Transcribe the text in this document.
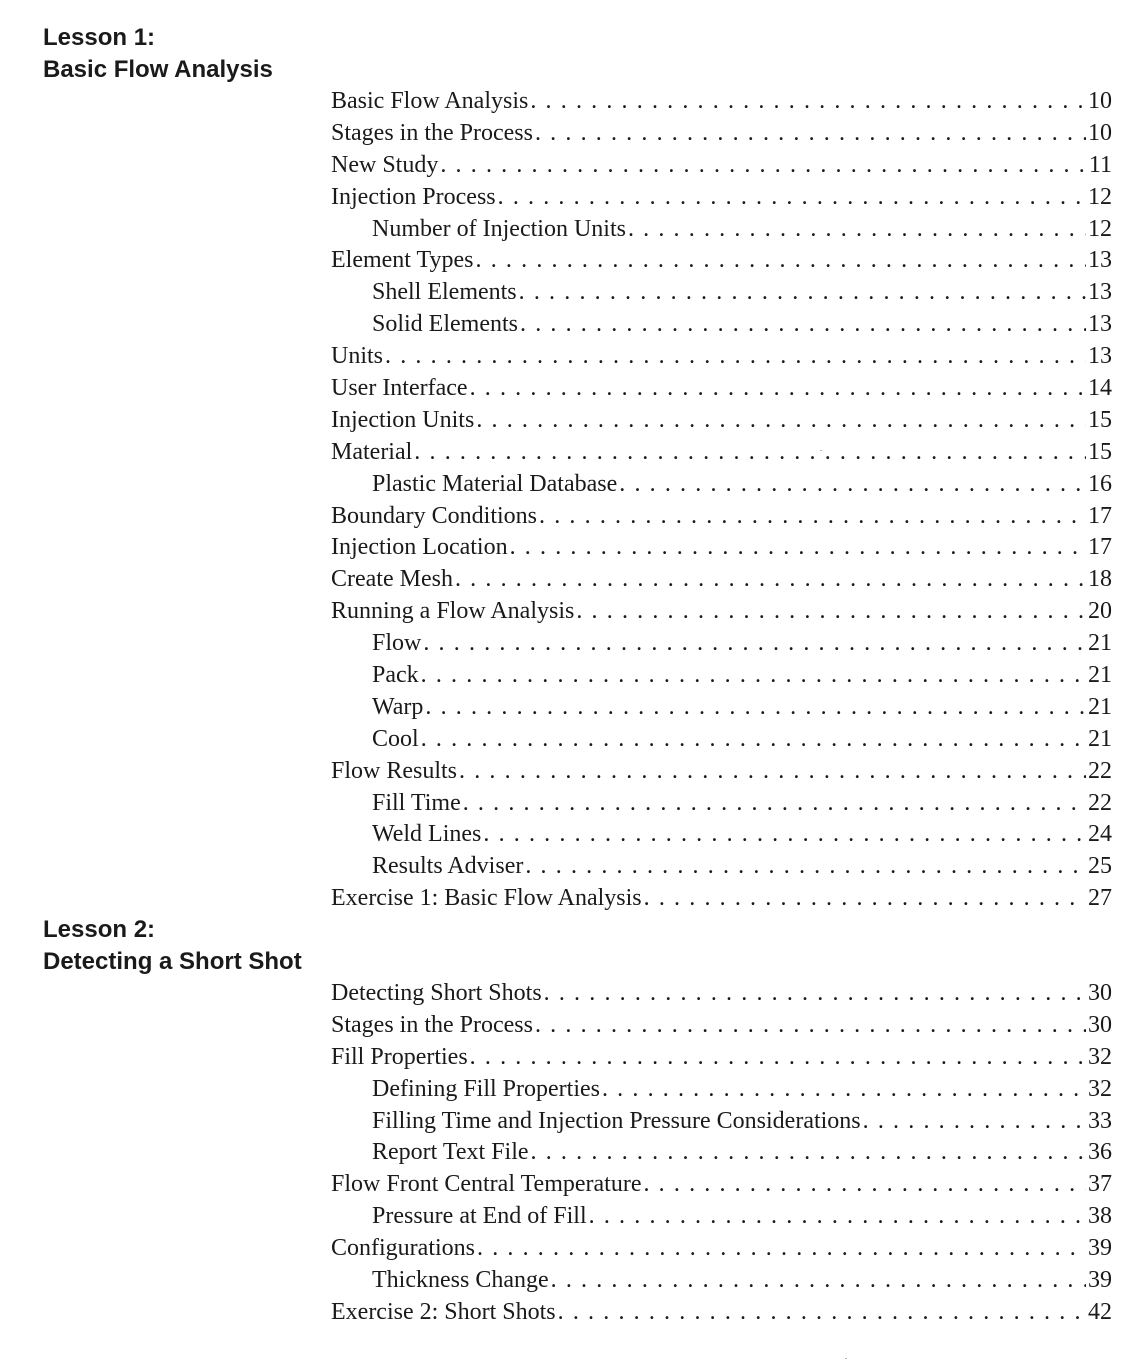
Lesson 1:
Basic Flow Analysis
Basic Flow Analysis . . .	10
Stages in the Process . . .	10
New Study . . .	11
Injection Process . . .	12
Number of Injection Units . . .	12
Element Types . . .	13
Shell Elements . . .	13
Solid Elements . . .	13
Units . . .	13
User Interface . . .	14
Injection Units . . .	15
Material . . .	15
Plastic Material Database . . .	16
Boundary Conditions . . .	17
Injection Location . . .	17
Create Mesh . . .	18
Running a Flow Analysis . . .	20
Flow . . .	21
Pack . . .	21
Warp . . .	21
Cool . . .	21
Flow Results . . .	22
Fill Time . . .	22
Weld Lines . . .	24
Results Adviser . . .	25
Exercise 1: Basic Flow Analysis . . .	27
Lesson 2:
Detecting a Short Shot
Detecting Short Shots . . .	30
Stages in the Process . . .	30
Fill Properties . . .	32
Defining Fill Properties . . .	32
Filling Time and Injection Pressure Considerations . . .	33
Report Text File . . .	36
Flow Front Central Temperature . . .	37
Pressure at End of Fill . . .	38
Configurations . . .	39
Thickness Change . . .	39
Exercise 2: Short Shots . . .	42
